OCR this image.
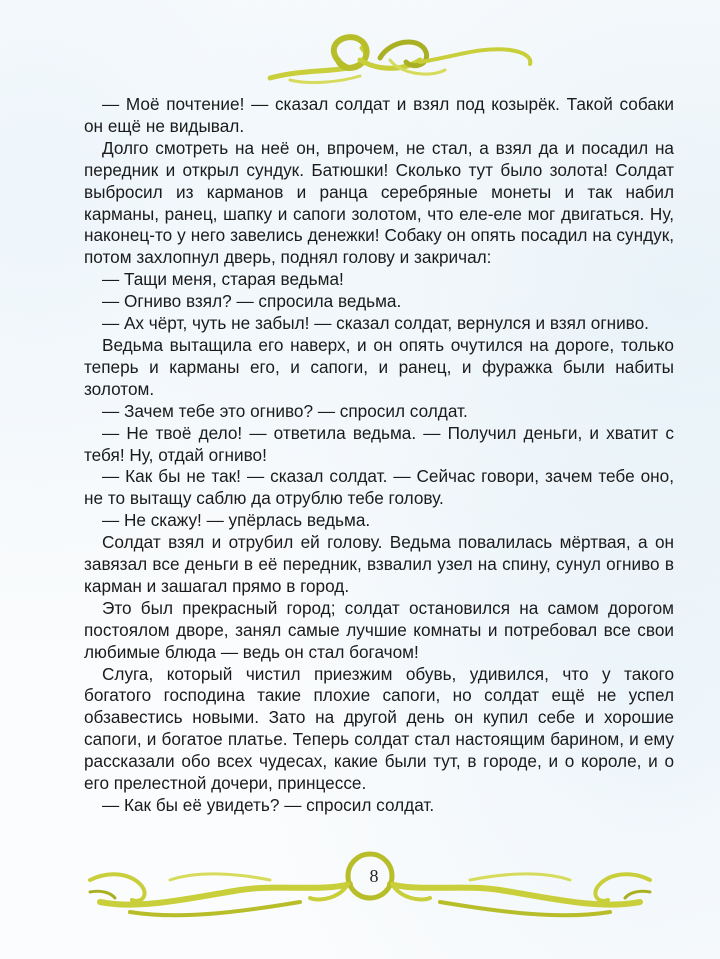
— Моё почтение! — сказал солдат и взял под козырёк. Такой собаки он ещё не видывал.

Долго смотреть на неё он, впрочем, не стал, а взял да и посадил на передник и открыл сундук. Батюшки! Сколько тут было золота! Солдат выбросил из карманов и ранца серебряные монеты и так набил карманы, ранец, шапку и сапоги золотом, что еле-еле мог двигаться. Ну, наконец-то у него завелись денежки! Собаку он опять посадил на сундук, потом захлопнул дверь, поднял голову и закричал:

— Тащи меня, старая ведьма!

— Огниво взял? — спросила ведьма.

— Ах чёрт, чуть не забыл! — сказал солдат, вернулся и взял огниво.

Ведьма вытащила его наверх, и он опять очутился на дороге, только теперь и карманы его, и сапоги, и ранец, и фуражка были набиты золотом.

— Зачем тебе это огниво? — спросил солдат.

— Не твоё дело! — ответила ведьма. — Получил деньги, и хватит с тебя! Ну, отдай огниво!

— Как бы не так! — сказал солдат. — Сейчас говори, зачем тебе оно, не то вытащу саблю да отрублю тебе голову.

— Не скажу! — упёрлась ведьма.

Солдат взял и отрубил ей голову. Ведьма повалилась мёртвая, а он завязал все деньги в её передник, взвалил узел на спину, сунул огниво в карман и зашагал прямо в город.

Это был прекрасный город; солдат остановился на самом дорогом постоялом дворе, занял самые лучшие комнаты и потребовал все свои любимые блюда — ведь он стал богачом!

Слуга, который чистил приезжим обувь, удивился, что у такого богатого господина такие плохие сапоги, но солдат ещё не успел обзавестись новыми. Зато на другой день он купил себе и хорошие сапоги, и богатое платье. Теперь солдат стал настоящим барином, и ему рассказали обо всех чудесах, какие были тут, в городе, и о короле, и о его прелестной дочери, принцессе.

— Как бы её увидеть? — спросил солдат.

8
